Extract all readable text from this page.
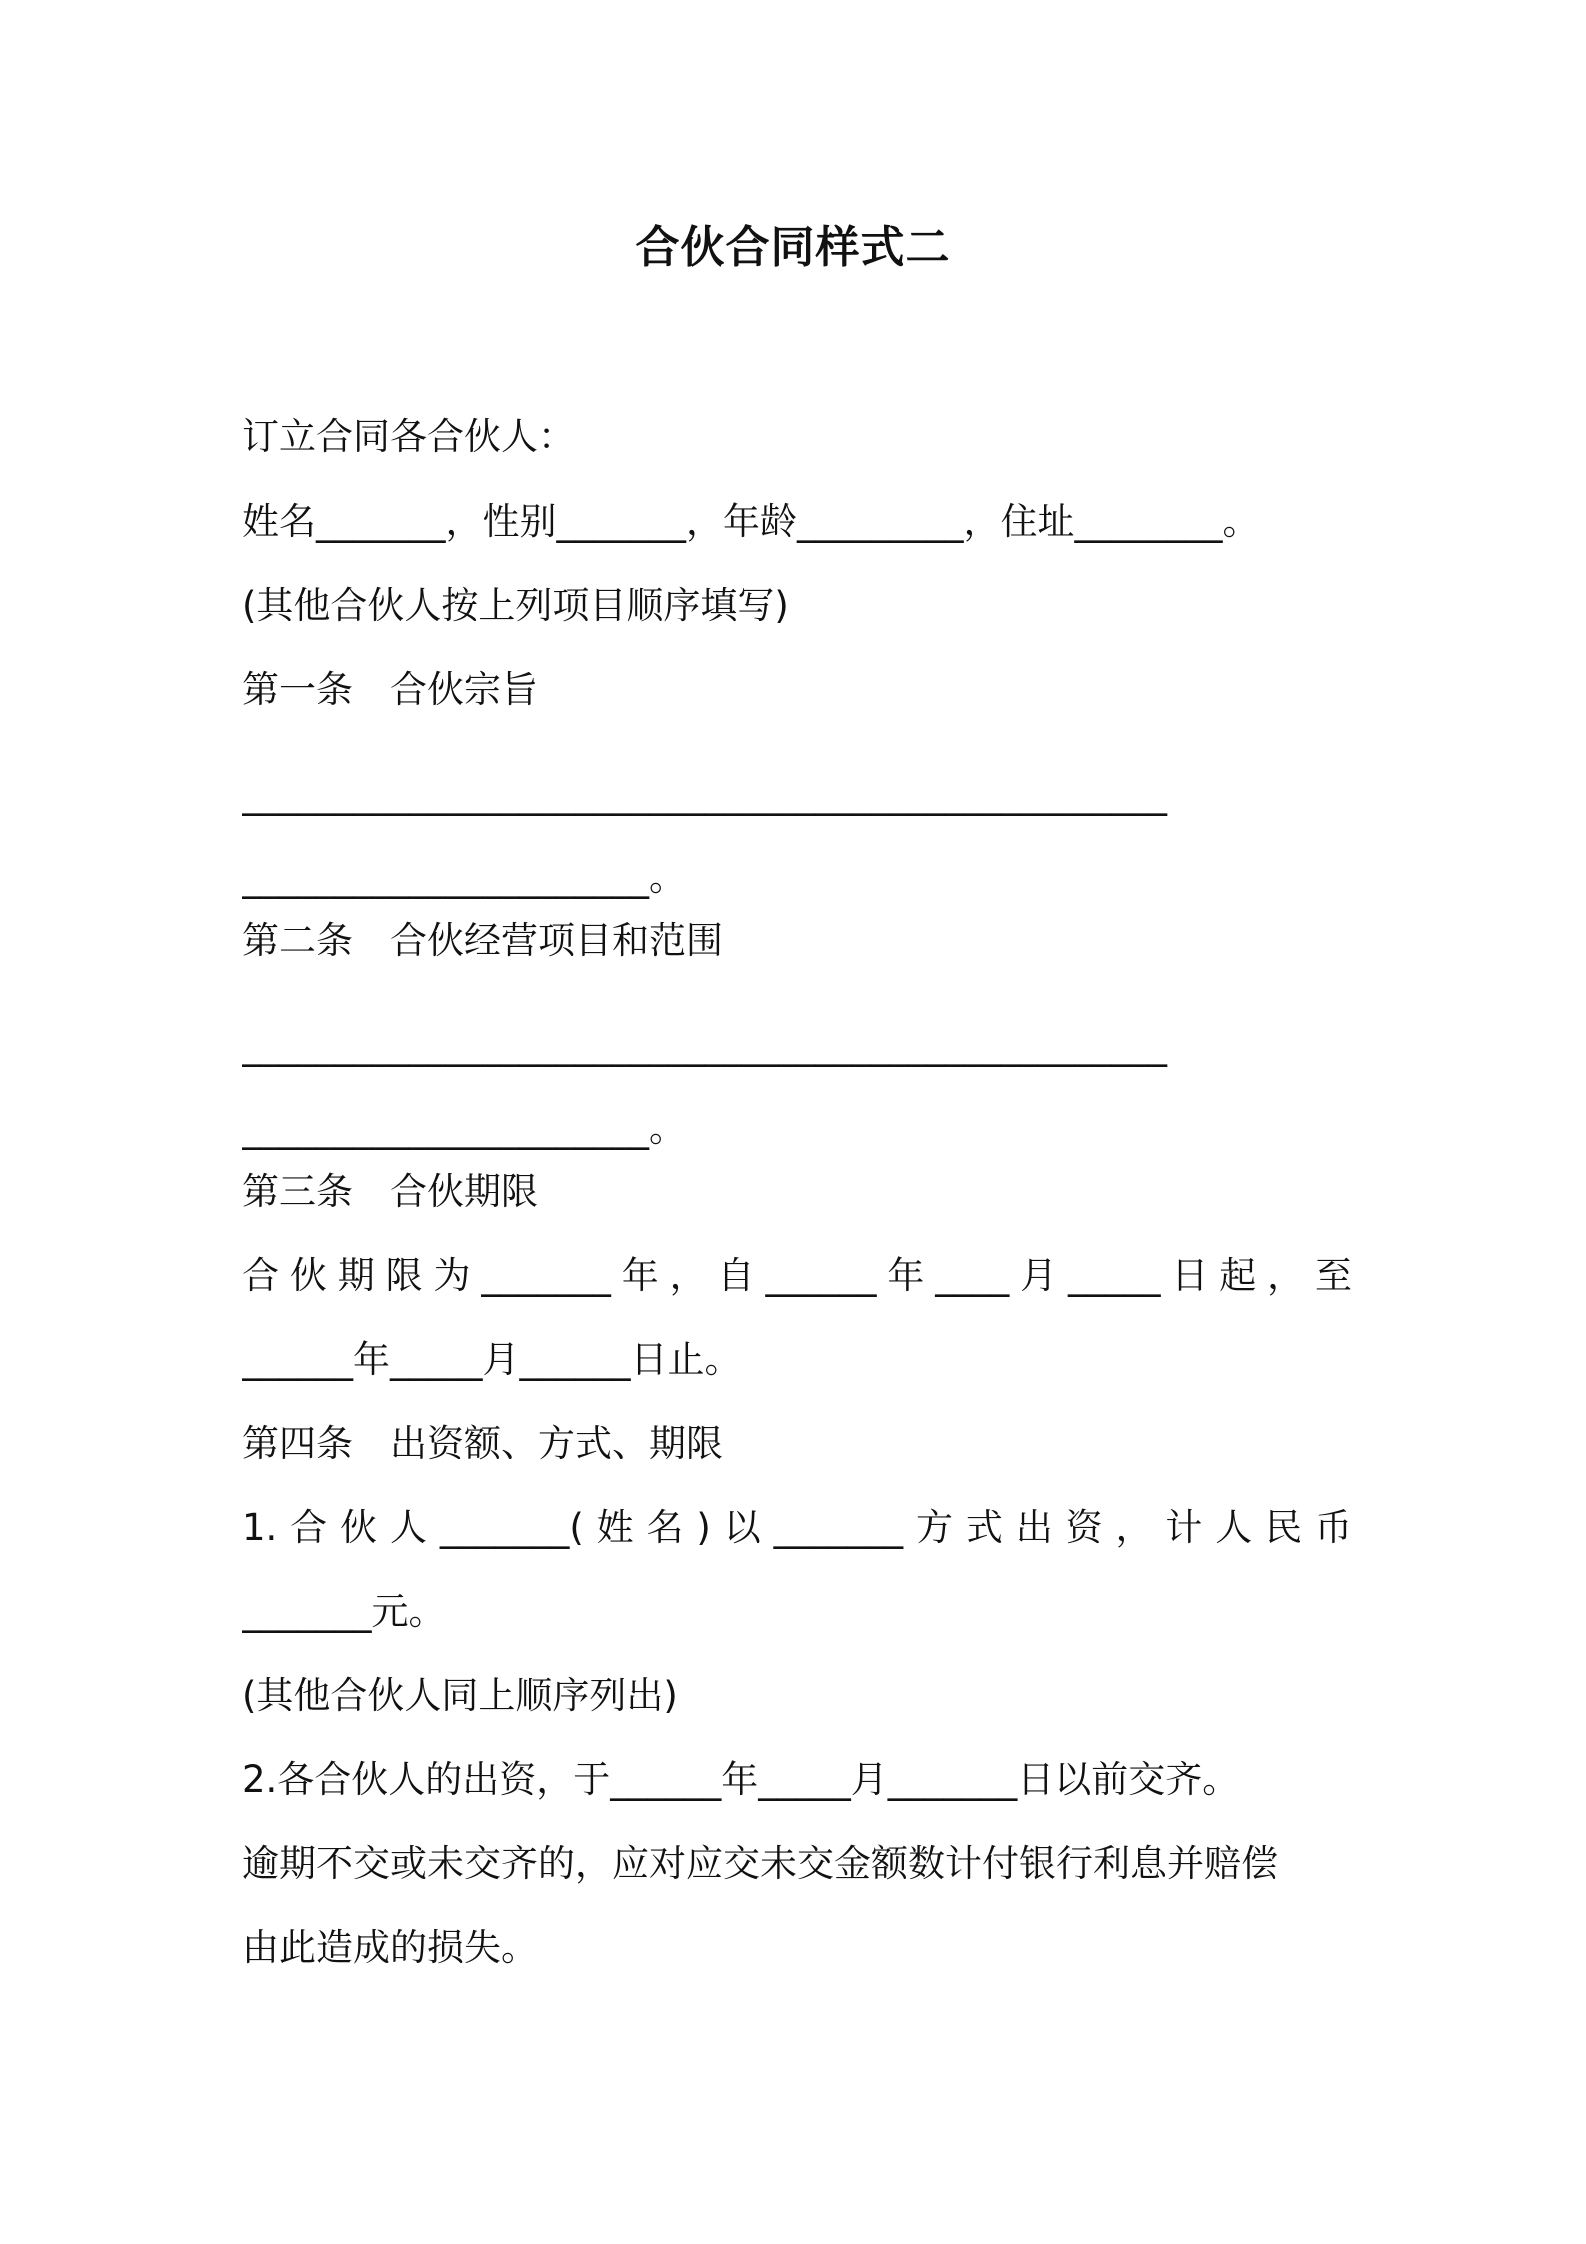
合伙合同样式二
订立合同各合伙人：
姓名_______，性别_______，年龄_________，住址________。
(其他合伙人按上列项目顺序填写)
第一条　合伙宗旨
__________________________________________________
______________________。
第二条　合伙经营项目和范围
__________________________________________________
______________________。
第三条　合伙期限
合伙期限为_______年，自______年____月_____日起，至
______年_____月______日止。
第四条　出资额、方式、期限
1.合伙人_______(姓名)以_______方式出资，计人民币
_______元。
(其他合伙人同上顺序列出)
2.各合伙人的出资，于______年_____月_______日以前交齐。
逾期不交或未交齐的，应对应交未交金额数计付银行利息并赔偿
由此造成的损失。
